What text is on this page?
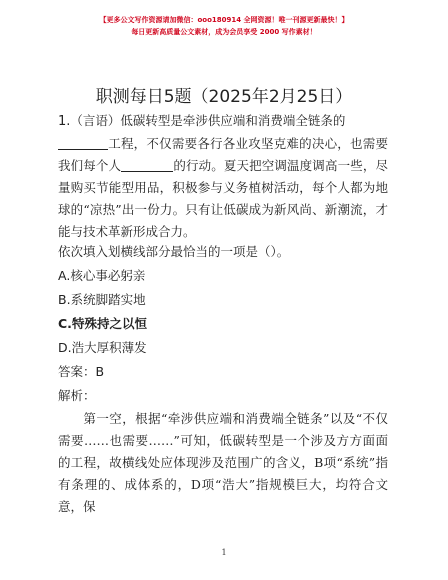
【更多公文写作资源请加微信：ooo180914 全网资源！唯一刊源更新最快！】
每日更新高质量公文素材，成为会员享受 2000 写作素材！
职测每日5题（2025年2月25日）

1.（言语）低碳转型是牵涉供应端和消费端全链条的
工程，不仅需要各行各业攻坚克难的决心，也需要我们每个人	的行动。夏天把空调温度调高一些，尽量购买节能型用品，积极参与义务植树活动，每个人都为地球的“凉热”出一份力。只有让低碳成为新风尚、新潮流，才能与技术革新形成合力。

依次填入划横线部分最恰当的一项是（）。
A.核心事必躬亲
B.系统脚踏实地
C.特殊持之以恒
D.浩大厚积薄发
答案：B
解析：

第一空，根据“牵涉供应端和消费端全链条”以及“不仅需要……也需要……”可知，低碳转型是一个涉及方方面面的工程，故横线处应体现涉及范围广的含义，B项“系统”指有条理的、成体系的，D项“浩大”指规模巨大，均符合文意，保

1
